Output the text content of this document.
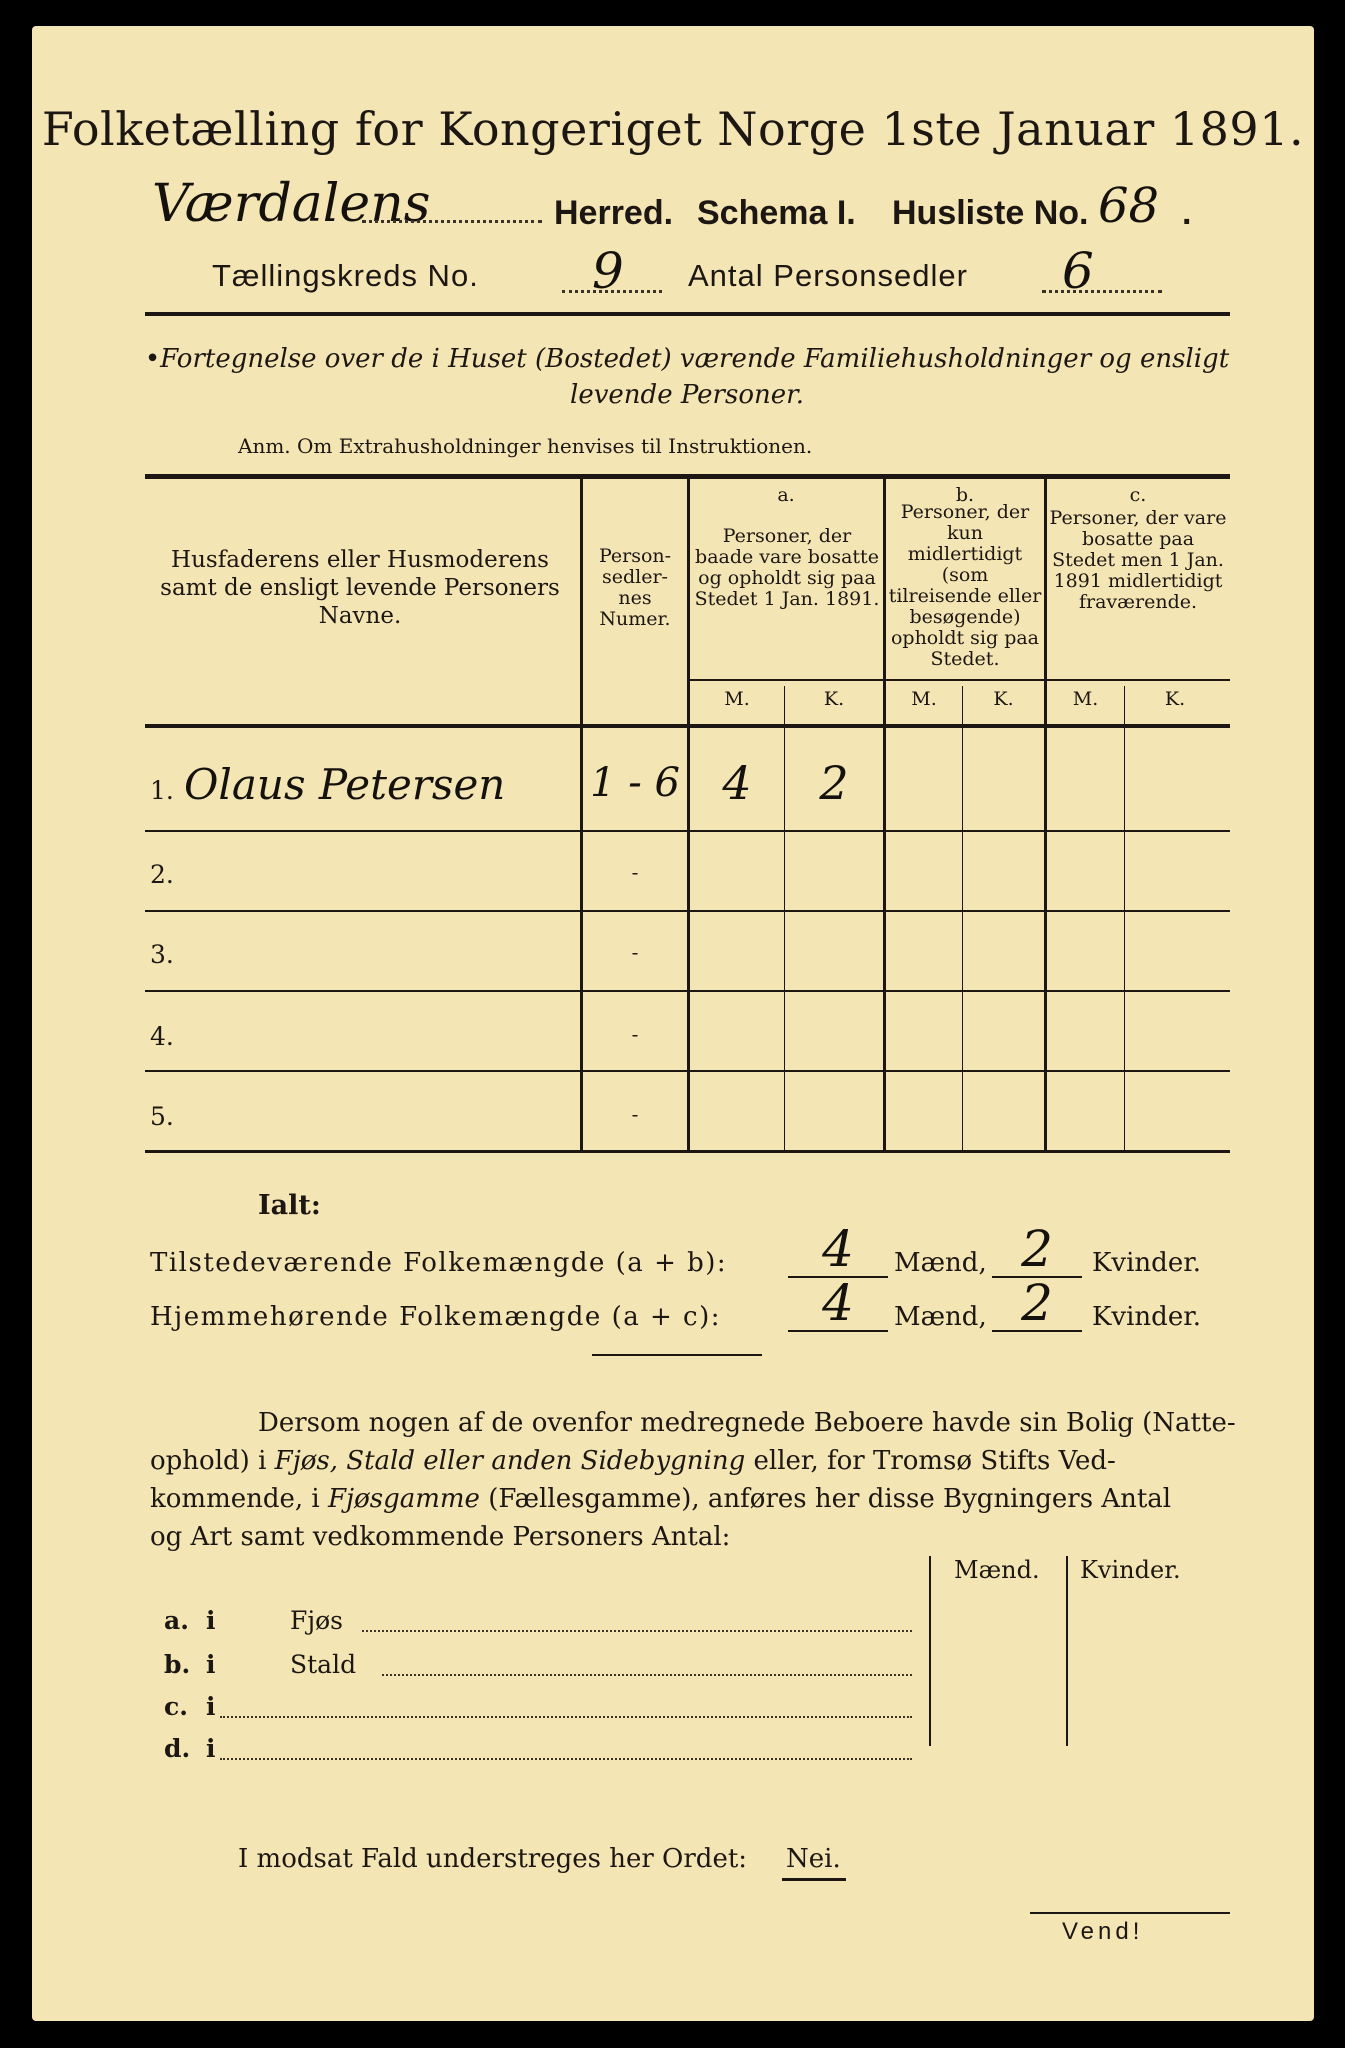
Folketælling for Kongeriget Norge 1ste Januar 1891.
Værdalens	Herred. Schema I. Husliste No. 68 .
Tællingskreds No. 9 Antal Personsedler 6
•Fortegnelse over de i Huset (Bostedet) værende Familiehusholdninger og ensligt
levende Personer.
Anm. Om Extrahusholdninger henvises til Instruktionen.
Husfaderens eller Husmoderens samt de ensligt levende Personers Navne.
Person-sedler-nes Numer.
a.
Personer, der baade vare bosatte og opholdt sig paa Stedet 1 Jan. 1891.
b.
Personer, der kun midlertidigt (som tilreisende eller besøgende) opholdt sig paa Stedet.
c.
Personer, der vare bosatte paa Stedet men 1 Jan. 1891 midlertidigt fraværende.
M.	K.	M.	K.	M.	K.
1. Olaus Petersen 1 - 6 4	2
2.	-
3.	-
4.	-
5.	-
Ialt:
Tilstedeværende Folkemængde (a + b):	4	Mænd, 2	Kvinder.
Hjemmehørende Folkemængde (a + c):	4	Mænd, 2	Kvinder.
Dersom nogen af de ovenfor medregnede Beboere havde sin Bolig (Natte-
ophold) i Fjøs, Stald eller anden Sidebygning eller, for Tromsø Stifts Ved-
kommende, i Fjøsgamme (Fællesgamme), anføres her disse Bygningers Antal
og Art samt vedkommende Personers Antal:
Mænd. Kvinder.
a. i	Fjøs
b. i	Stald
c. i
d. i
I modsat Fald understreges her Ordet: Nei.
Vend!
